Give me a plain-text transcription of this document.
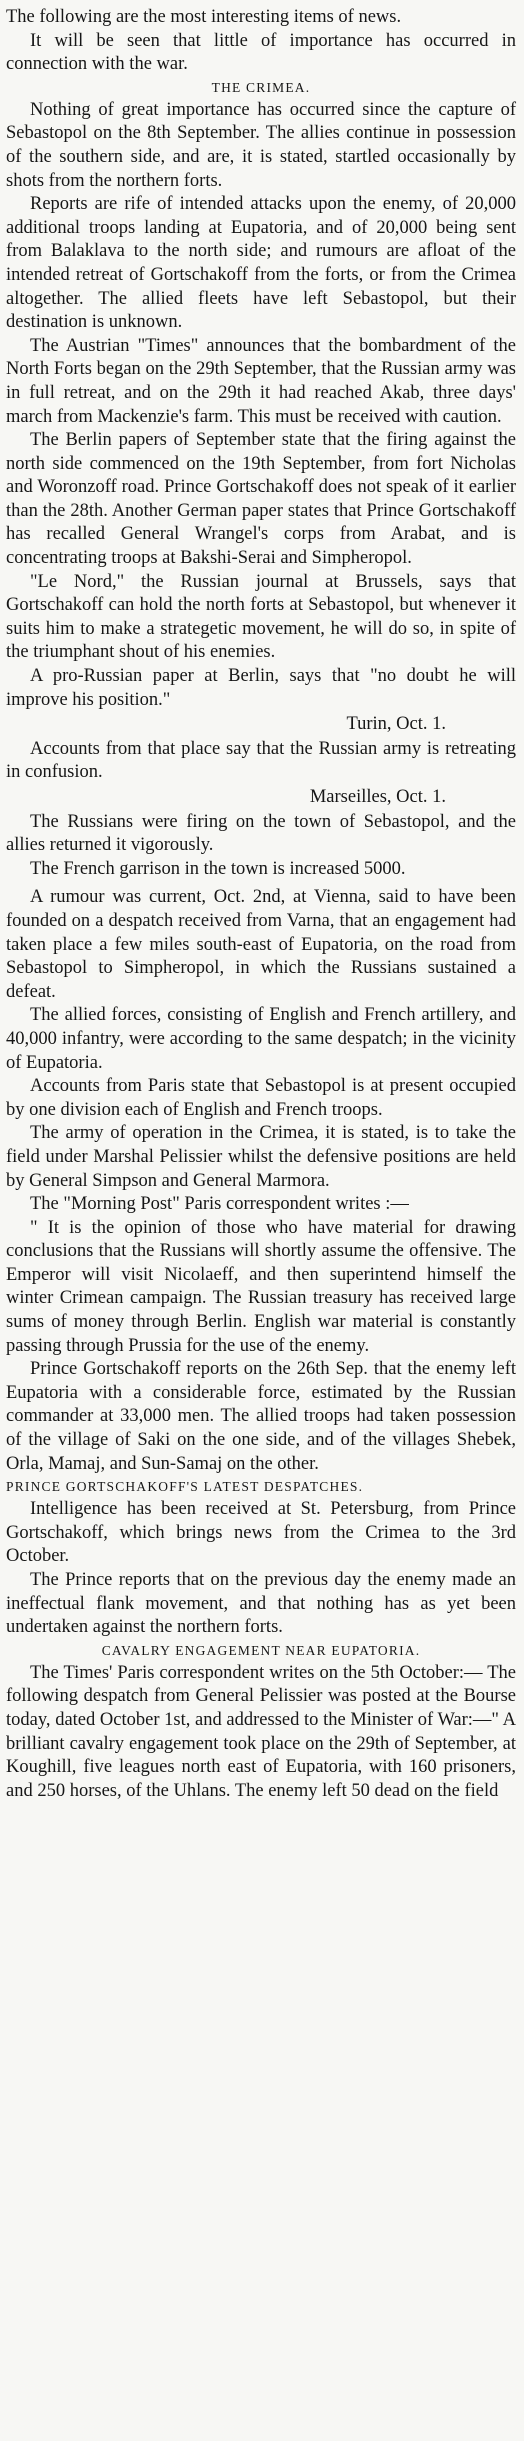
The following are the most interesting items of news.

It will be seen that little of importance has occurred in connection with the war.

THE CRIMEA.

Nothing of great importance has occurred since the capture of Sebastopol on the 8th September. The allies continue in possession of the southern side, and are, it is stated, startled occasionally by shots from the northern forts.

Reports are rife of intended attacks upon the enemy, of 20,000 additional troops landing at Eupatoria, and of 20,000 being sent from Balaklava to the north side; and rumours are afloat of the intended retreat of Gortschakoff from the forts, or from the Crimea altogether. The allied fleets have left Sebastopol, but their destination is unknown.

The Austrian "Times" announces that the bombardment of the North Forts began on the 29th September, that the Russian army was in full retreat, and on the 29th it had reached Akab, three days' march from Mackenzie's farm. This must be received with caution.

The Berlin papers of September state that the firing against the north side commenced on the 19th September, from fort Nicholas and Woronzoff road. Prince Gortschakoff does not speak of it earlier than the 28th. Another German paper states that Prince Gortschakoff has recalled General Wrangel's corps from Arabat, and is concentrating troops at Bakshi-Serai and Simpheropol.

"Le Nord," the Russian journal at Brussels, says that Gortschakoff can hold the north forts at Sebastopol, but whenever it suits him to make a strategetic movement, he will do so, in spite of the triumphant shout of his enemies.

A pro-Russian paper at Berlin, says that "no doubt he will improve his position."

Turin, Oct. 1.

Accounts from that place say that the Russian army is retreating in confusion.

Marseilles, Oct. 1.

The Russians were firing on the town of Sebastopol, and the allies returned it vigorously.

The French garrison in the town is increased 5000.

A rumour was current, Oct. 2nd, at Vienna, said to have been founded on a despatch received from Varna, that an engagement had taken place a few miles south-east of Eupatoria, on the road from Sebastopol to Simpheropol, in which the Russians sustained a defeat.

The allied forces, consisting of English and French artillery, and 40,000 infantry, were according to the same despatch; in the vicinity of Eupatoria.

Accounts from Paris state that Sebastopol is at present occupied by one division each of English and French troops.

The army of operation in the Crimea, it is stated, is to take the field under Marshal Pelissier whilst the defensive positions are held by General Simpson and General Marmora.

The "Morning Post" Paris correspondent writes :—

" It is the opinion of those who have material for drawing conclusions that the Russians will shortly assume the offensive. The Emperor will visit Nicolaeff, and then superintend himself the winter Crimean campaign. The Russian treasury has received large sums of money through Berlin. English war material is constantly passing through Prussia for the use of the enemy.

Prince Gortschakoff reports on the 26th Sep. that the enemy left Eupatoria with a considerable force, estimated by the Russian commander at 33,000 men. The allied troops had taken possession of the village of Saki on the one side, and of the villages Shebek, Orla, Mamaj, and Sun-Samaj on the other.

PRINCE GORTSCHAKOFF'S LATEST DESPATCHES.

Intelligence has been received at St. Petersburg, from Prince Gortschakoff, which brings news from the Crimea to the 3rd October.

The Prince reports that on the previous day the enemy made an ineffectual flank movement, and that nothing has as yet been undertaken against the northern forts.

CAVALRY ENGAGEMENT NEAR EUPATORIA.

The Times' Paris correspondent writes on the 5th October:— The following despatch from General Pelissier was posted at the Bourse today, dated October 1st, and addressed to the Minister of War:—" A brilliant cavalry engagement took place on the 29th of September, at Koughill, five leagues north east of Eupatoria, with 160 prisoners, and 250 horses, of the Uhlans. The enemy left 50 dead on the field
